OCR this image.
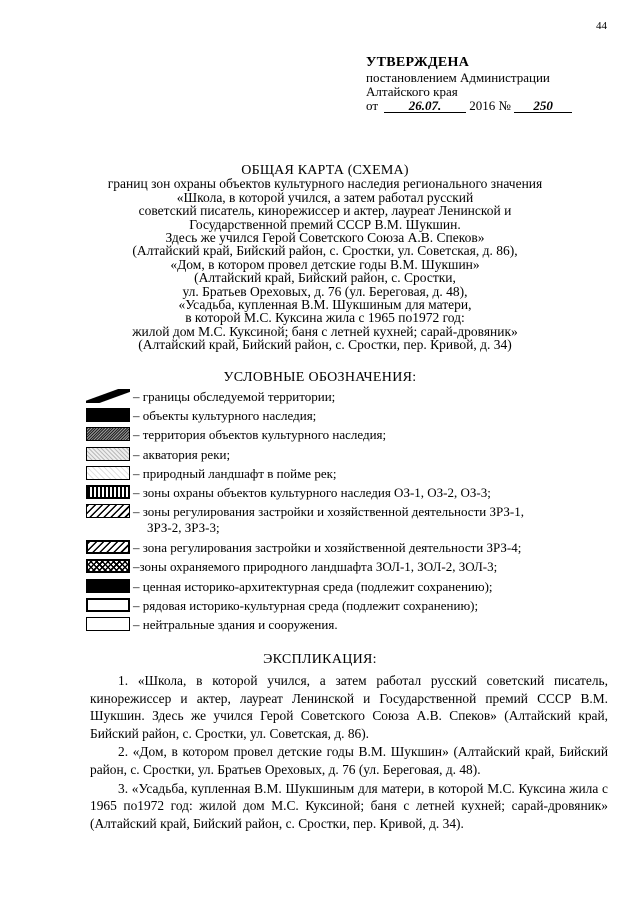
44
УТВЕРЖДЕНА
постановлением Администрации
Алтайского края
от 26.07. 2016 № 250
ОБЩАЯ КАРТА (СХЕМА)
границ зон охраны объектов культурного наследия регионального значения
«Школа, в которой учился, а затем работал русский
советский писатель, кинорежиссер и актер, лауреат Ленинской и
Государственной премий СССР В.М. Шукшин.
Здесь же учился Герой Советского Союза А.В. Спеков»
(Алтайский край, Бийский район, с. Сростки, ул. Советская, д. 86),
«Дом, в котором провел детские годы В.М. Шукшин»
(Алтайский край, Бийский район, с. Сростки,
ул. Братьев Ореховых, д. 76 (ул. Береговая, д. 48),
«Усадьба, купленная В.М. Шукшиным для матери,
в которой М.С. Куксина жила с 1965 по1972 год:
жилой дом М.С. Куксиной; баня с летней кухней; сарай-дровяник»
(Алтайский край, Бийский район, с. Сростки, пер. Кривой, д. 34)
УСЛОВНЫЕ ОБОЗНАЧЕНИЯ:
– границы обследуемой территории;
– объекты культурного наследия;
– территория объектов культурного наследия;
– акватория реки;
– природный ландшафт в пойме рек;
– зоны охраны объектов культурного наследия ОЗ-1, ОЗ-2, ОЗ-3;
– зоны регулирования застройки и хозяйственной деятельности ЗРЗ-1,
ЗРЗ-2, ЗРЗ-3;
– зона регулирования застройки и хозяйственной деятельности ЗРЗ-4;
–зоны охраняемого природного ландшафта ЗОЛ-1, ЗОЛ-2, ЗОЛ-3;
– ценная историко-архитектурная среда (подлежит сохранению);
– рядовая историко-культурная среда (подлежит сохранению);
– нейтральные здания и сооружения.
ЭКСПЛИКАЦИЯ:

1. «Школа, в которой учился, а затем работал русский советский писатель, кинорежиссер и актер, лауреат Ленинской и Государственной премий СССР В.М. Шукшин. Здесь же учился Герой Советского Союза А.В. Спеков» (Алтайский край, Бийский район, с. Сростки, ул. Советская, д. 86).

2. «Дом, в котором провел детские годы В.М. Шукшин» (Алтайский край, Бийский район, с. Сростки, ул. Братьев Ореховых, д. 76 (ул. Береговая, д. 48).

3. «Усадьба, купленная В.М. Шукшиным для матери, в которой М.С. Куксина жила с 1965 по1972 год: жилой дом М.С. Куксиной; баня с летней кухней; сарай-дровяник» (Алтайский край, Бийский район, с. Сростки, пер. Кривой, д. 34).
